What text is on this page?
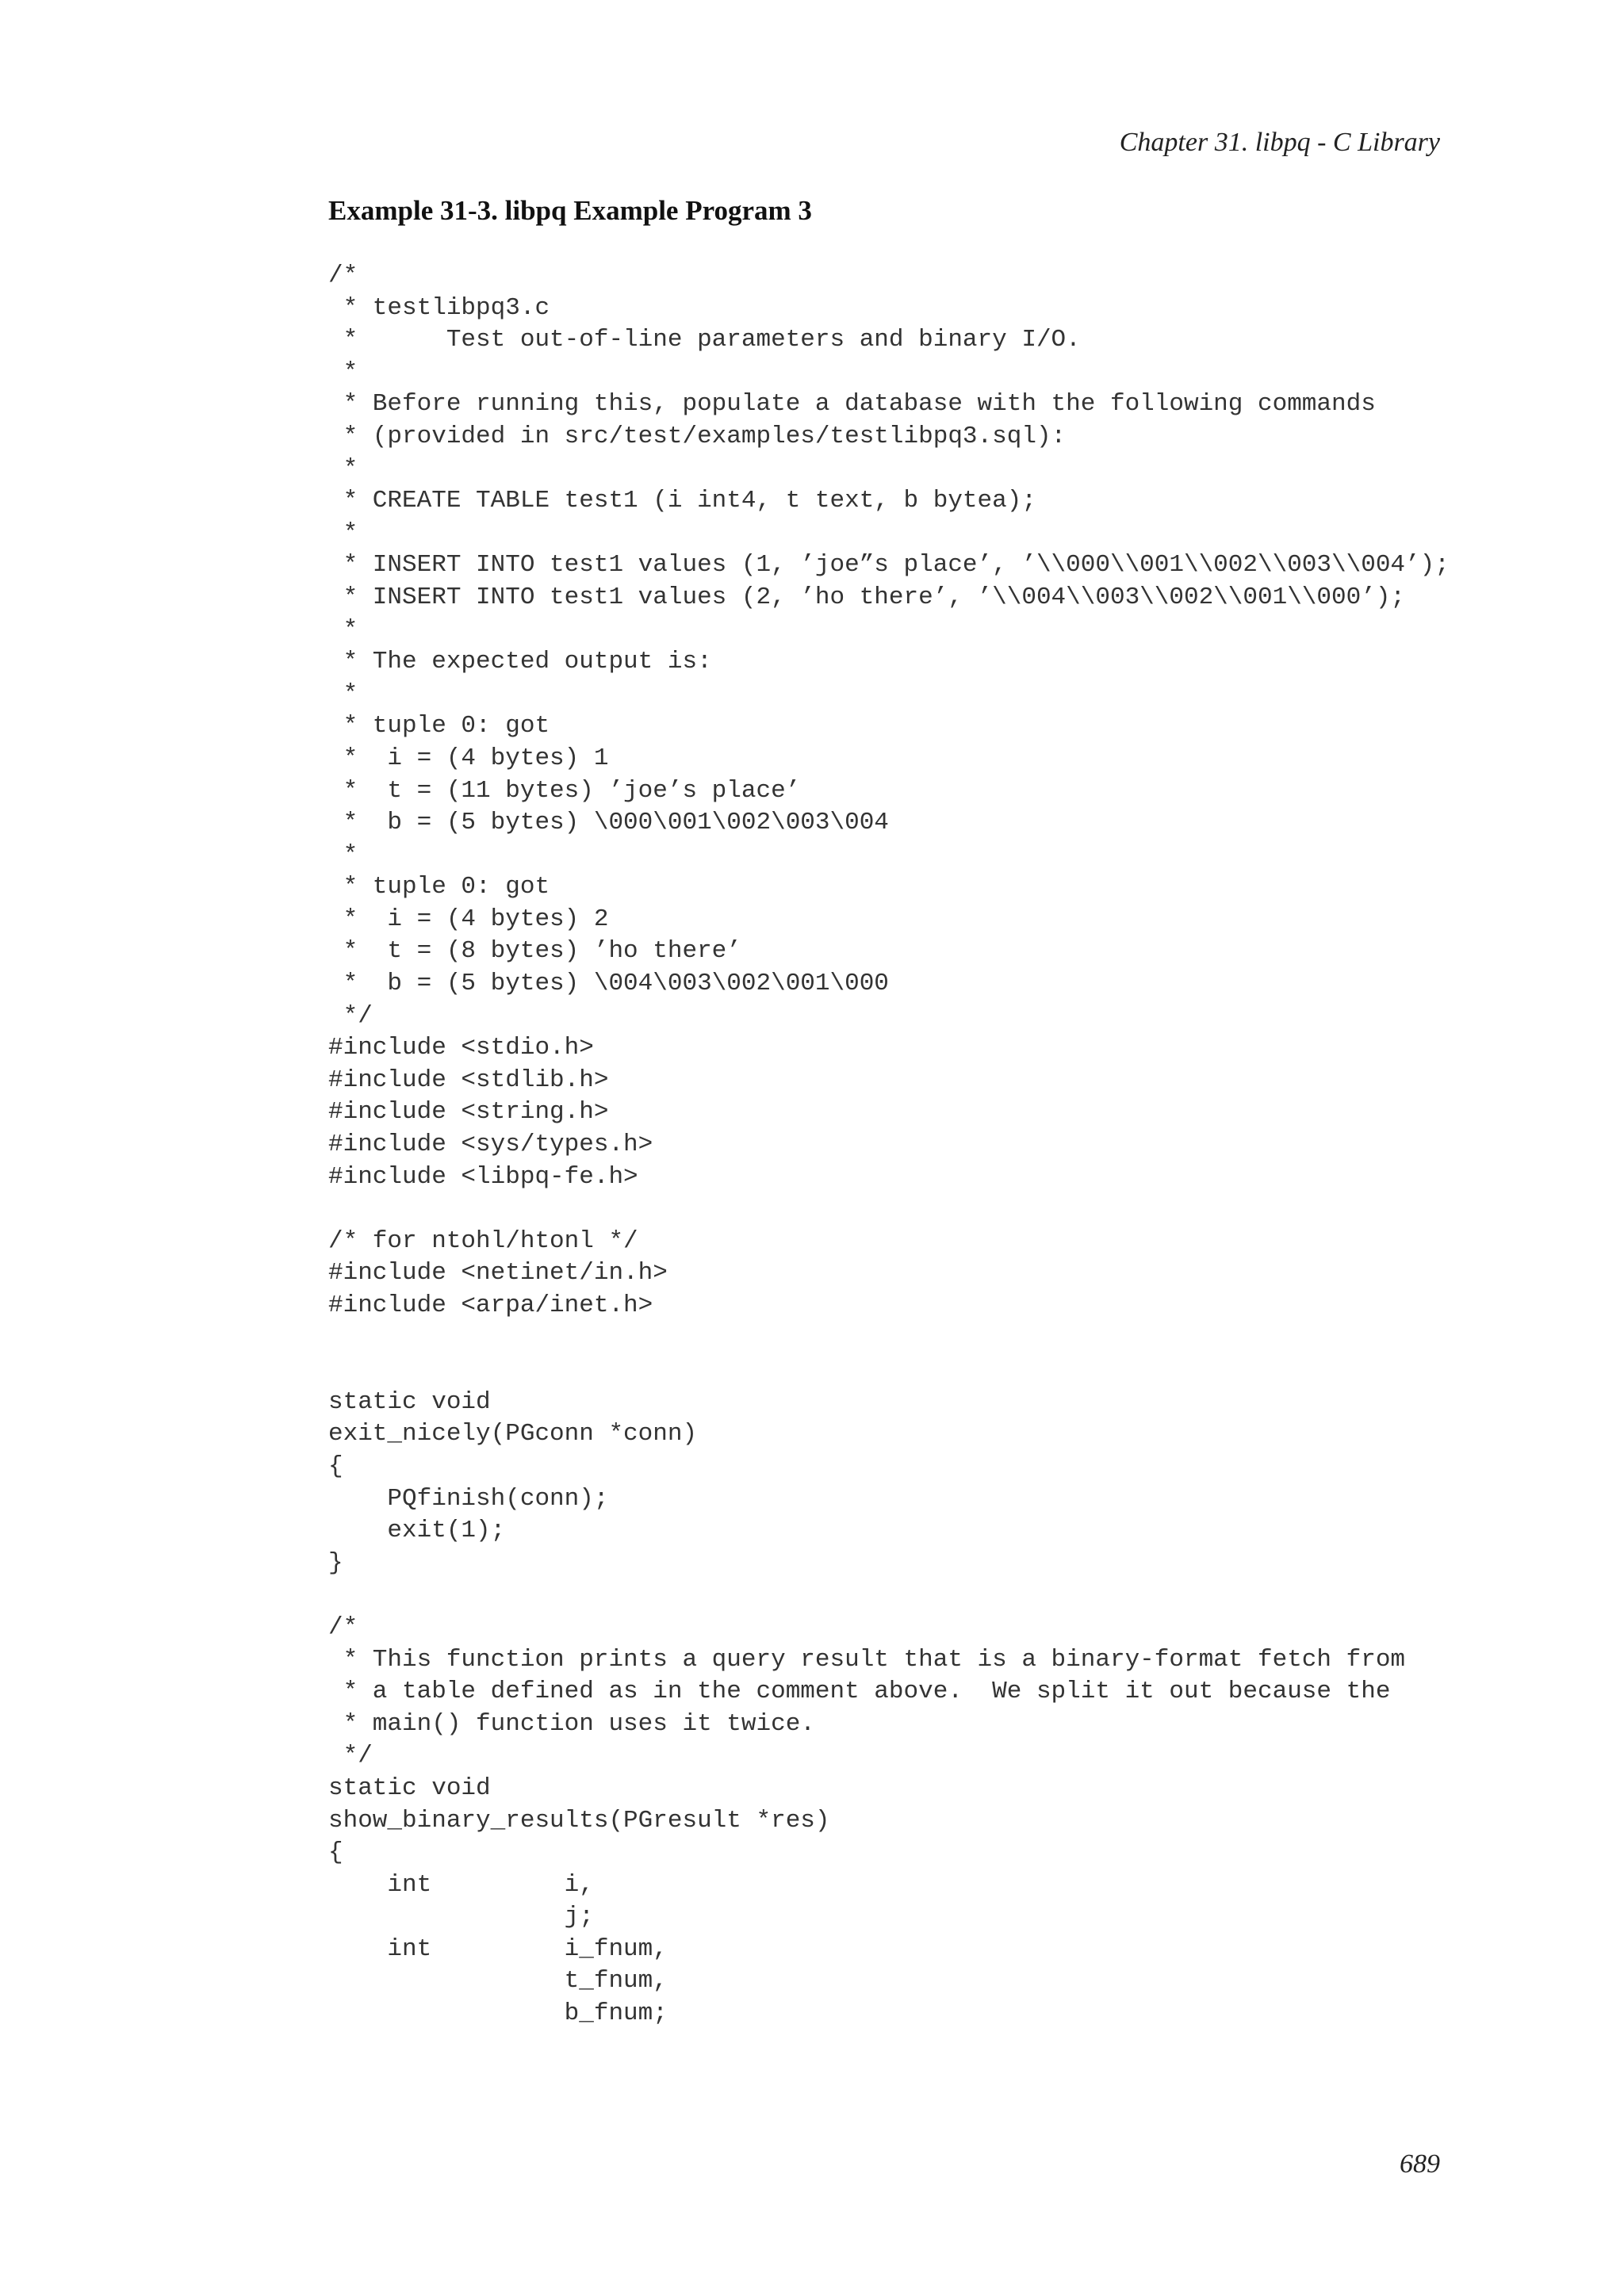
Chapter 31. libpq - C Library
Example 31-3. libpq Example Program 3
/*
* testlibpq3.c
*      Test out-of-line parameters and binary I/O.
*
* Before running this, populate a database with the following commands
* (provided in src/test/examples/testlibpq3.sql):
*
* CREATE TABLE test1 (i int4, t text, b bytea);
*
* INSERT INTO test1 values (1, ’joe”s place’, ’\\000\\001\\002\\003\\004’);
* INSERT INTO test1 values (2, ’ho there’, ’\\004\\003\\002\\001\\000’);
*
* The expected output is:
*
* tuple 0: got
*  i = (4 bytes) 1
*  t = (11 bytes) ’joe’s place’
*  b = (5 bytes) \000\001\002\003\004
*
* tuple 0: got
*  i = (4 bytes) 2
*  t = (8 bytes) ’ho there’
*  b = (5 bytes) \004\003\002\001\000
*/
#include <stdio.h>
#include <stdlib.h>
#include <string.h>
#include <sys/types.h>
#include <libpq-fe.h>
/* for ntohl/htonl */
#include <netinet/in.h>
#include <arpa/inet.h>
static void
exit_nicely(PGconn *conn)
{
PQfinish(conn);
exit(1);
}
/*
* This function prints a query result that is a binary-format fetch from
* a table defined as in the comment above.  We split it out because the
* main() function uses it twice.
*/
static void
show_binary_results(PGresult *res)
{
int         i,
j;
int         i_fnum,
t_fnum,
b_fnum;
689
